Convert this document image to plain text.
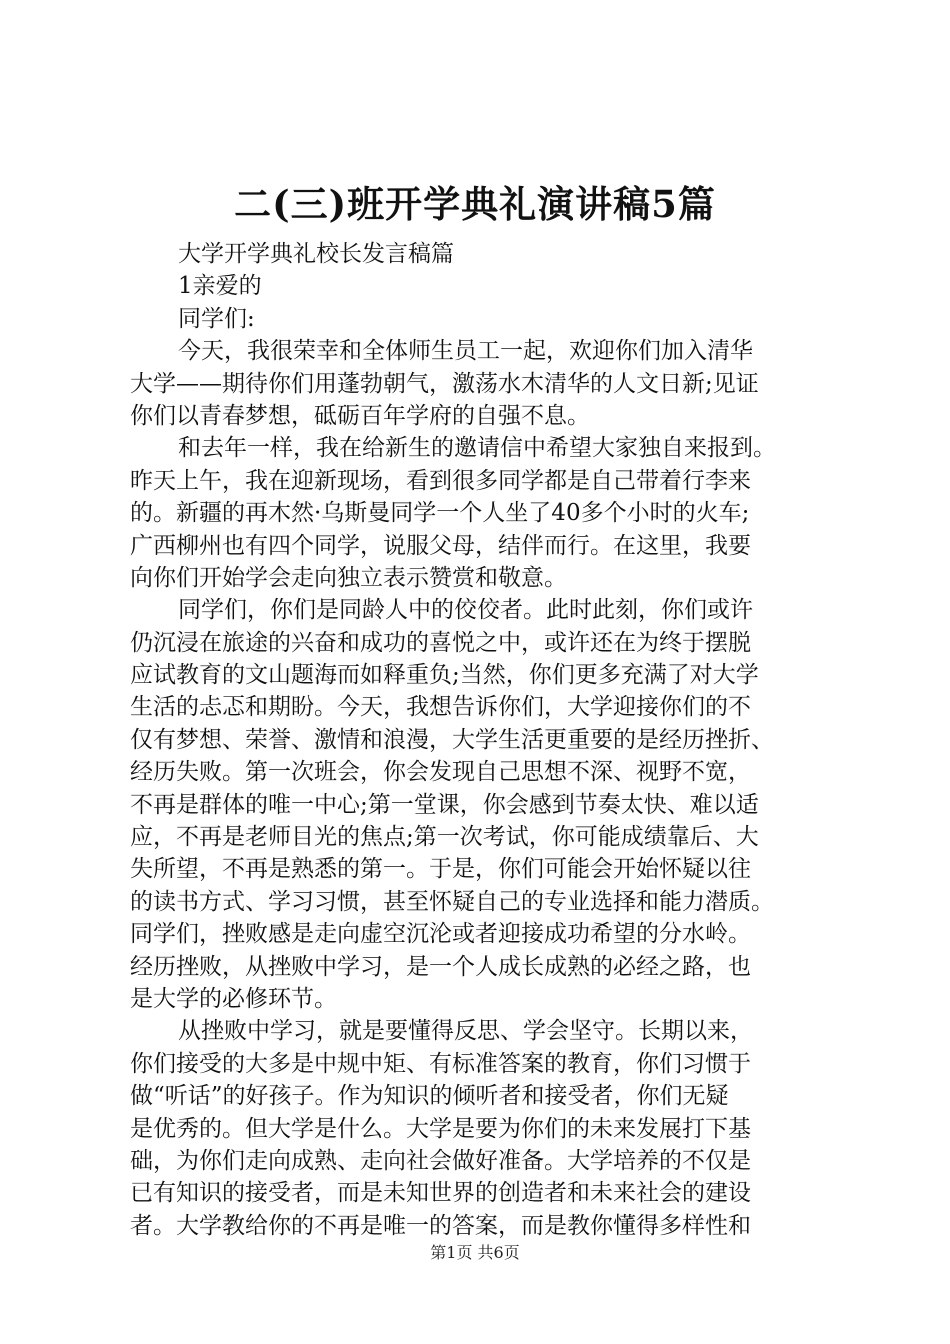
二(三)班开学典礼演讲稿5篇
大学开学典礼校长发言稿篇
1亲爱的
同学们:
今天，我很荣幸和全体师生员工一起，欢迎你们加入清华
大学——期待你们用蓬勃朝气，激荡水木清华的人文日新;见证
你们以青春梦想，砥砺百年学府的自强不息。
和去年一样，我在给新生的邀请信中希望大家独自来报到。
昨天上午，我在迎新现场，看到很多同学都是自己带着行李来
的。新疆的再木然·乌斯曼同学一个人坐了40多个小时的火车;
广西柳州也有四个同学，说服父母，结伴而行。在这里，我要
向你们开始学会走向独立表示赞赏和敬意。
同学们，你们是同龄人中的佼佼者。此时此刻，你们或许
仍沉浸在旅途的兴奋和成功的喜悦之中，或许还在为终于摆脱
应试教育的文山题海而如释重负;当然，你们更多充满了对大学
生活的忐忑和期盼。今天，我想告诉你们，大学迎接你们的不
仅有梦想、荣誉、激情和浪漫，大学生活更重要的是经历挫折、
经历失败。第一次班会，你会发现自己思想不深、视野不宽，
不再是群体的唯一中心;第一堂课，你会感到节奏太快、难以适
应，不再是老师目光的焦点;第一次考试，你可能成绩靠后、大
失所望，不再是熟悉的第一。于是，你们可能会开始怀疑以往
的读书方式、学习习惯，甚至怀疑自己的专业选择和能力潜质。
同学们，挫败感是走向虚空沉沦或者迎接成功希望的分水岭。
经历挫败，从挫败中学习，是一个人成长成熟的必经之路，也
是大学的必修环节。
从挫败中学习，就是要懂得反思、学会坚守。长期以来，
你们接受的大多是中规中矩、有标准答案的教育，你们习惯于
做“听话”的好孩子。作为知识的倾听者和接受者，你们无疑
是优秀的。但大学是什么。大学是要为你们的未来发展打下基
础，为你们走向成熟、走向社会做好准备。大学培养的不仅是
已有知识的接受者，而是未知世界的创造者和未来社会的建设
者。大学教给你的不再是唯一的答案，而是教你懂得多样性和
第1页 共6页
